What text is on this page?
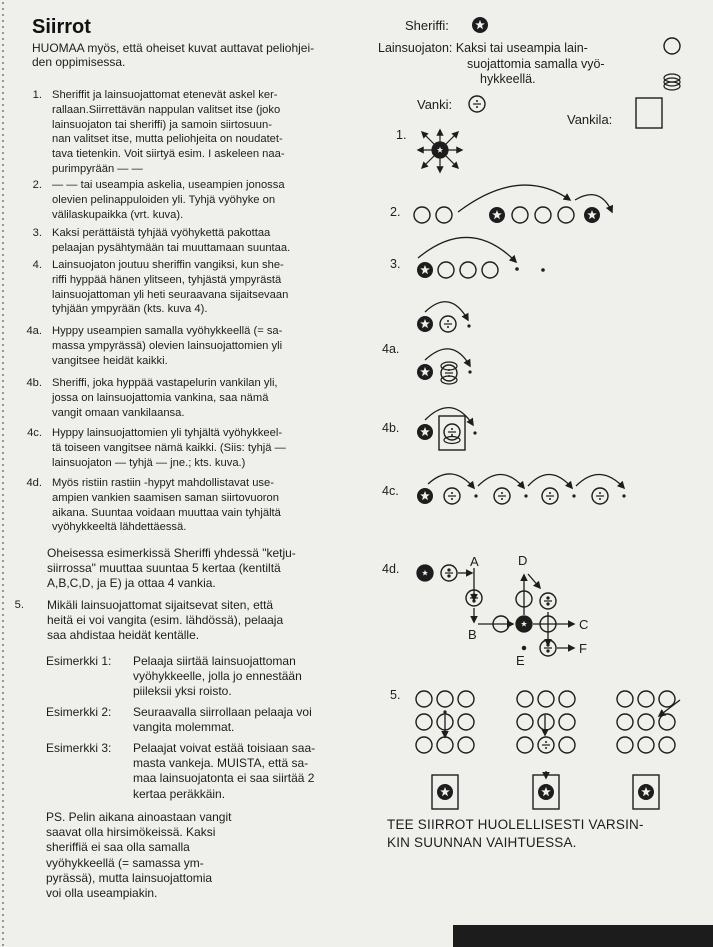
Siirrot
HUOMAA myös, että oheiset kuvat auttavat peliohjei-
den oppimisessa.
1. Sheriffit ja lainsuojattomat etenevät askel ker-
rallaan.Siirrettävän nappulan valitset itse (joko
lainsuojaton tai sheriffi) ja samoin siirtosuun-
nan valitset itse, mutta peliohjeita on noudatet-
tava tietenkin. Voit siirtyä esim. I askeleen naa-
purimpyrään — —
2. — — tai useampia askelia, useampien jonossa
olevien pelinappuloiden yli. Tyhjä vyöhyke on
välilaskupaikka (vrt. kuva).
3. Kaksi perättäistä tyhjää vyöhykettä pakottaa
pelaajan pysähtymään tai muuttamaan suuntaa.
4. Lainsuojaton joutuu sheriffin vangiksi, kun she-
riffi hyppää hänen ylitseen, tyhjästä ympyrästä
lainsuojattoman yli heti seuraavana sijaitsevaan
tyhjään ympyrään (kts. kuva 4).
4a. Hyppy useampien samalla vyöhykkeellä (= sa-
massa ympyrässä) olevien lainsuojattomien yli
vangitsee heidät kaikki.
4b. Sheriffi, joka hyppää vastapelurin vankilan yli,
jossa on lainsuojattomia vankina, saa nämä
vangit omaan vankilaansa.
4c. Hyppy lainsuojattomien yli tyhjältä vyöhykkeel-
tä toiseen vangitsee nämä kaikki. (Siis: tyhjä —
lainsuojaton — tyhjä — jne.; kts. kuva.)
4d. Myös ristiin rastiin -hypyt mahdollistavat use-
ampien vankien saamisen saman siirtovuoron
aikana. Suuntaa voidaan muuttaa vain tyhjältä
vyöhykkeeltä lähdettäessä.
Sheriffi:
Lainsuojaton: Kaksi tai useampia lain-
suojattomia samalla vyö-
hykkeellä.
Vanki:
Vankila:
1.
2.
3.
4a.
4b.
4c.
4d.
5.
A	D
B
C
E
F
Oheisessa esimerkissä Sheriffi yhdessä "ketju-
siirrossa" muuttaa suuntaa 5 kertaa (kentiltä
A,B,C,D, ja E) ja ottaa 4 vankia.
5. Mikäli lainsuojattomat sijaitsevat siten, että
heitä ei voi vangita (esim. lähdössä), pelaaja
saa ahdistaa heidät kentälle.
Esimerkki 1: Pelaaja siirtää lainsuojattoman
vyöhykkeelle, jolla jo ennestään
piileksii yksi roisto.
Esimerkki 2: Seuraavalla siirrollaan pelaaja voi
vangita molemmat.
Esimerkki 3: Pelaajat voivat estää toisiaan saa-
masta vankeja. MUISTA, että sa-
maa lainsuojatonta ei saa siirtää 2
kertaa peräkkäin.
PS. Pelin aikana ainoastaan vangit
saavat olla hirsimökeissä. Kaksi
sheriffiä ei saa olla samalla
vyöhykkeellä (= samassa ym-
pyrässä), mutta lainsuojattomia
voi olla useampiakin.
TEE SIIRROT HUOLELLISESTI VARSIN-
KIN SUUNNAN VAIHTUESSA.
